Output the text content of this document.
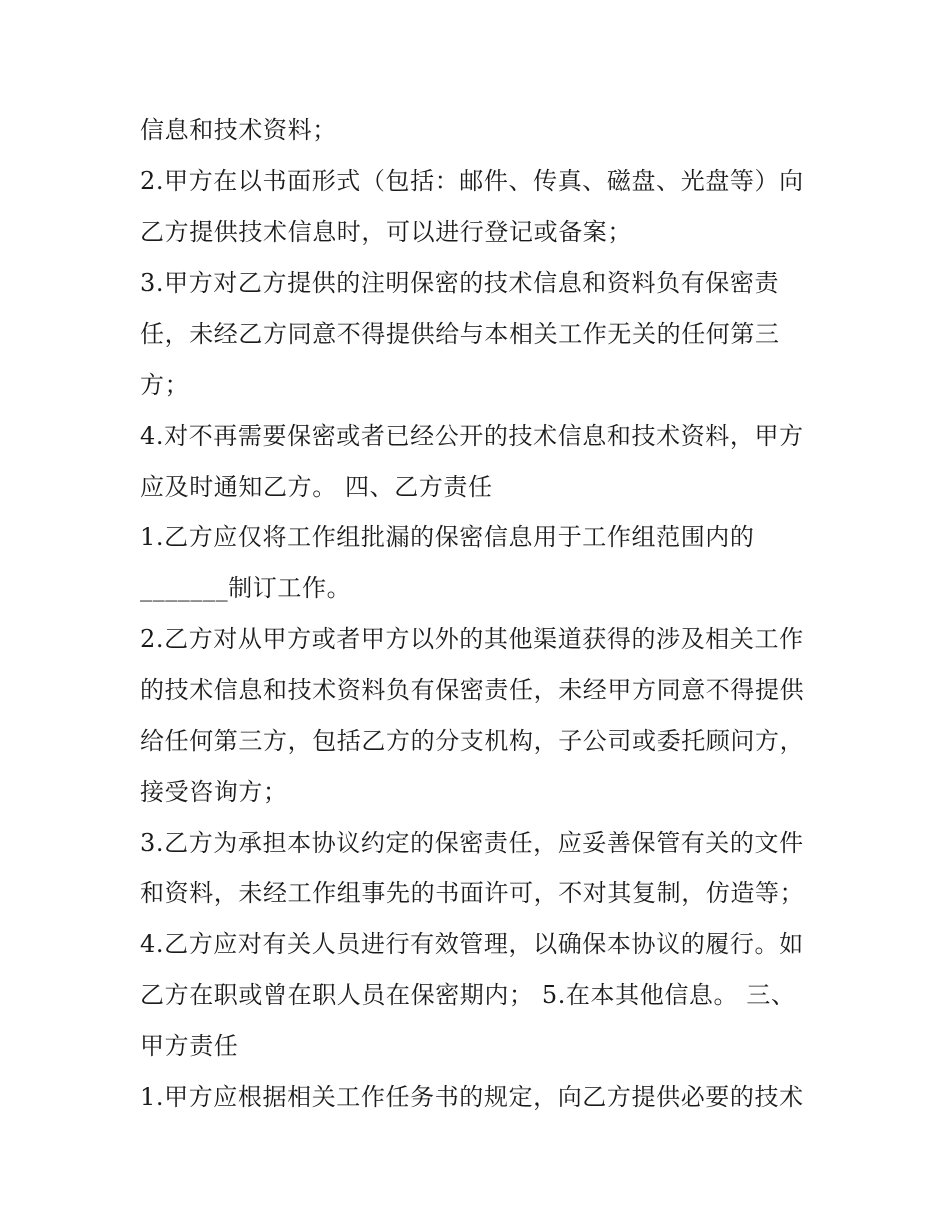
信息和技术资料；
2.甲方在以书面形式（包括：邮件、传真、磁盘、光盘等）向
乙方提供技术信息时，可以进行登记或备案；
3.甲方对乙方提供的注明保密的技术信息和资料负有保密责
任，未经乙方同意不得提供给与本相关工作无关的任何第三
方；
4.对不再需要保密或者已经公开的技术信息和技术资料，甲方
应及时通知乙方。 四、乙方责任
1.乙方应仅将工作组批漏的保密信息用于工作组范围内的
_______制订工作。
2.乙方对从甲方或者甲方以外的其他渠道获得的涉及相关工作
的技术信息和技术资料负有保密责任，未经甲方同意不得提供
给任何第三方，包括乙方的分支机构，子公司或委托顾问方，
接受咨询方；
3.乙方为承担本协议约定的保密责任，应妥善保管有关的文件
和资料，未经工作组事先的书面许可，不对其复制，仿造等；
4.乙方应对有关人员进行有效管理，以确保本协议的履行。如
乙方在职或曾在职人员在保密期内； 5.在本其他信息。 三、
甲方责任
1.甲方应根据相关工作任务书的规定，向乙方提供必要的技术
